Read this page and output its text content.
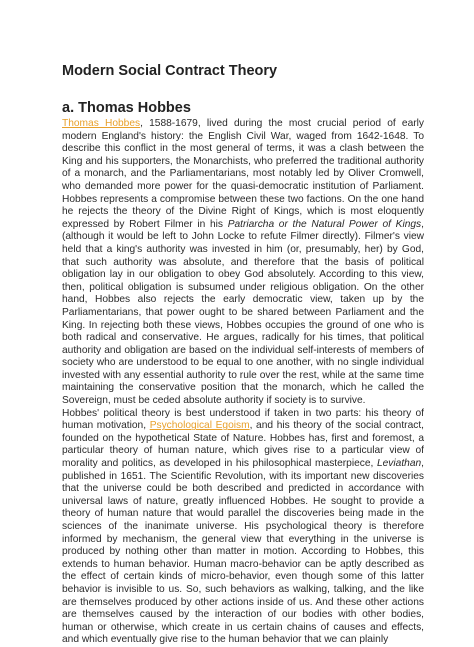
Modern Social Contract Theory
a. Thomas Hobbes

Thomas Hobbes, 1588-1679, lived during the most crucial period of early modern England's history: the English Civil War, waged from 1642-1648. To describe this conflict in the most general of terms, it was a clash between the King and his supporters, the Monarchists, who preferred the traditional authority of a monarch, and the Parliamentarians, most notably led by Oliver Cromwell, who demanded more power for the quasi-democratic institution of Parliament. Hobbes represents a compromise between these two factions. On the one hand he rejects the theory of the Divine Right of Kings, which is most eloquently expressed by Robert Filmer in his Patriarcha or the Natural Power of Kings, (although it would be left to John Locke to refute Filmer directly). Filmer's view held that a king's authority was invested in him (or, presumably, her) by God, that such authority was absolute, and therefore that the basis of political obligation lay in our obligation to obey God absolutely. According to this view, then, political obligation is subsumed under religious obligation. On the other hand, Hobbes also rejects the early democratic view, taken up by the Parliamentarians, that power ought to be shared between Parliament and the King. In rejecting both these views, Hobbes occupies the ground of one who is both radical and conservative. He argues, radically for his times, that political authority and obligation are based on the individual self-interests of members of society who are understood to be equal to one another, with no single individual invested with any essential authority to rule over the rest, while at the same time maintaining the conservative position that the monarch, which he called the Sovereign, must be ceded absolute authority if society is to survive.

Hobbes' political theory is best understood if taken in two parts: his theory of human motivation, Psychological Egoism, and his theory of the social contract, founded on the hypothetical State of Nature. Hobbes has, first and foremost, a particular theory of human nature, which gives rise to a particular view of morality and politics, as developed in his philosophical masterpiece, Leviathan, published in 1651. The Scientific Revolution, with its important new discoveries that the universe could be both described and predicted in accordance with universal laws of nature, greatly influenced Hobbes. He sought to provide a theory of human nature that would parallel the discoveries being made in the sciences of the inanimate universe. His psychological theory is therefore informed by mechanism, the general view that everything in the universe is produced by nothing other than matter in motion. According to Hobbes, this extends to human behavior. Human macro-behavior can be aptly described as the effect of certain kinds of micro-behavior, even though some of this latter behavior is invisible to us. So, such behaviors as walking, talking, and the like are themselves produced by other actions inside of us. And these other actions are themselves caused by the interaction of our bodies with other bodies, human or otherwise, which create in us certain chains of causes and effects, and which eventually give rise to the human behavior that we can plainly
